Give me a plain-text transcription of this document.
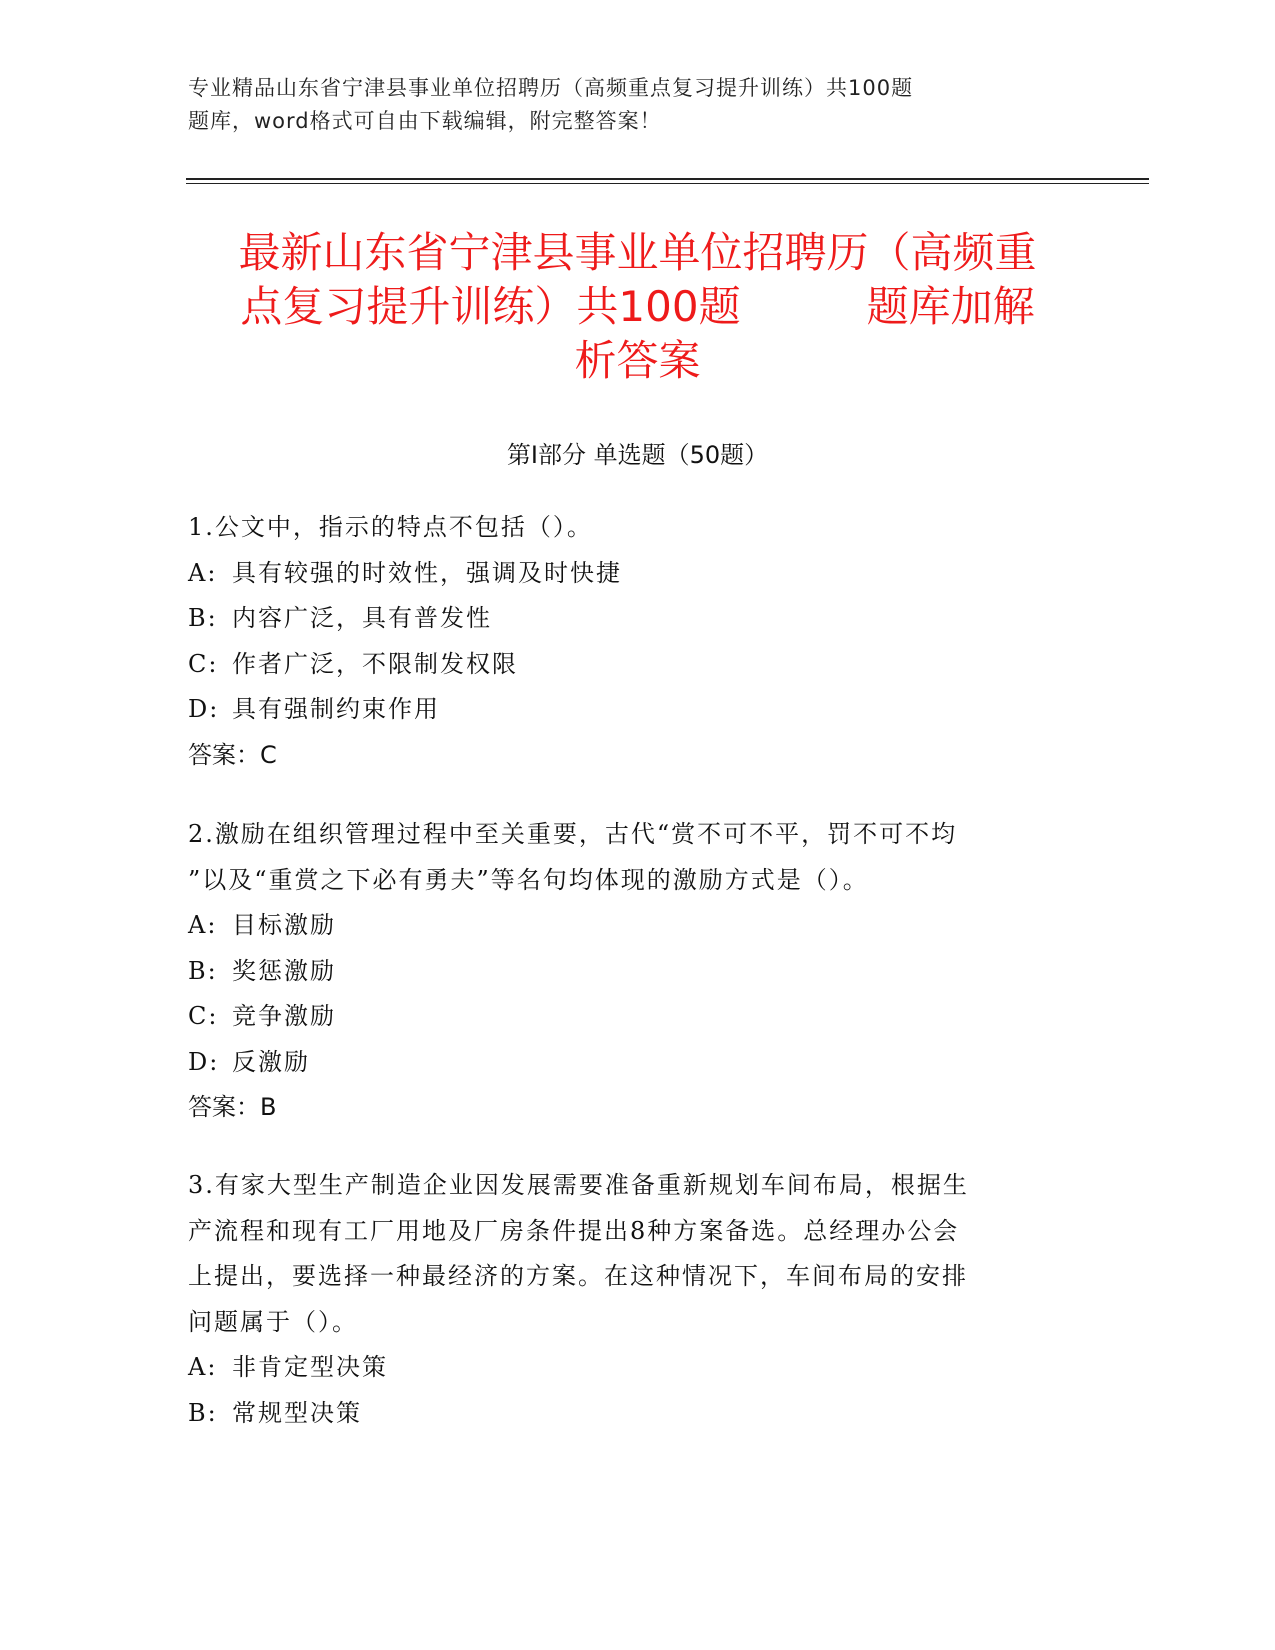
专业精品山东省宁津县事业单位招聘历（高频重点复习提升训练）共100题
题库，word格式可自由下载编辑，附完整答案！
最新山东省宁津县事业单位招聘历（高频重
点复习提升训练）共100题　　　题库加解
析答案
第Ⅰ部分 单选题（50题）

1.公文中，指示的特点不包括（）。

A: 具有较强的时效性，强调及时快捷

B: 内容广泛，具有普发性

C: 作者广泛，不限制发权限

D: 具有强制约束作用

答案：C

2.激励在组织管理过程中至关重要，古代“赏不可不平，罚不可不均

”以及“重赏之下必有勇夫”等名句均体现的激励方式是（）。

A: 目标激励

B: 奖惩激励

C: 竞争激励

D: 反激励

答案：B

3.有家大型生产制造企业因发展需要准备重新规划车间布局，根据生

产流程和现有工厂用地及厂房条件提出8种方案备选。总经理办公会

上提出，要选择一种最经济的方案。在这种情况下，车间布局的安排

问题属于（）。

A: 非肯定型决策

B: 常规型决策
